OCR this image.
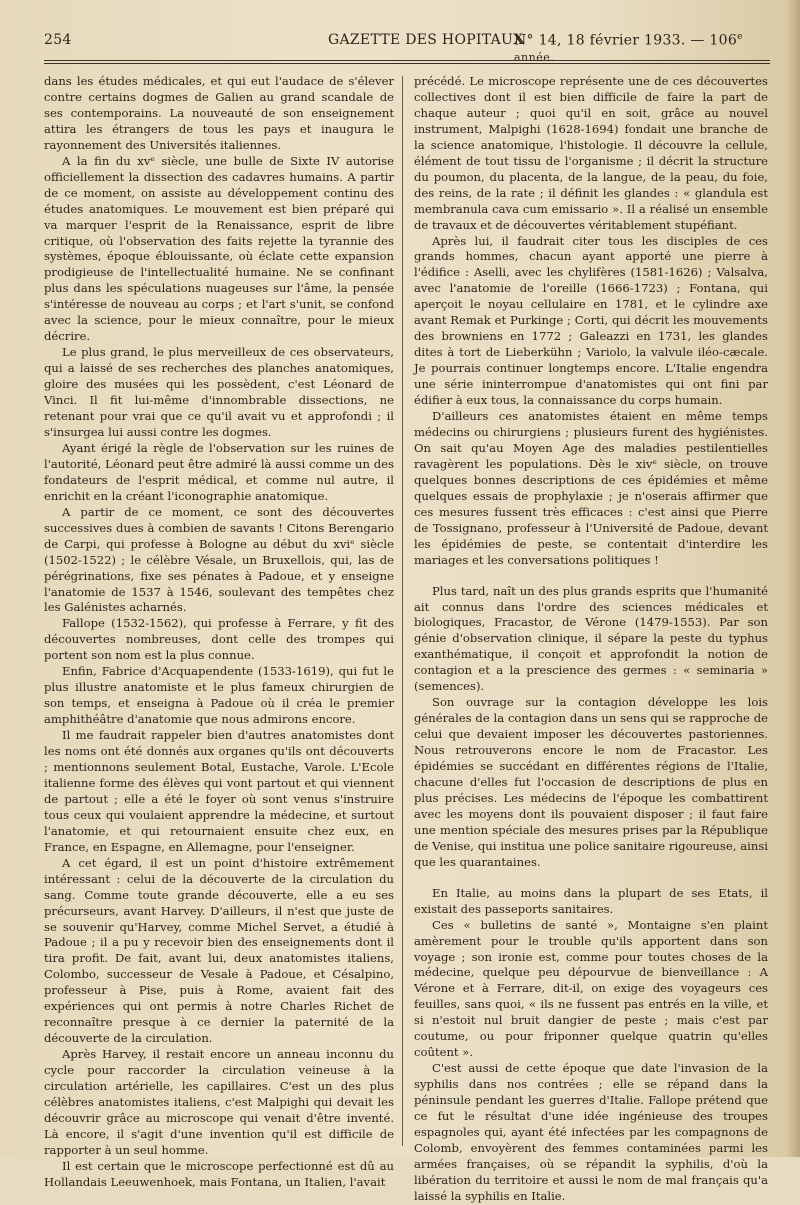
254	GAZETTE DES HOPITAUX
N° 14, 18 février 1933. — 106e année.

dans les études médicales, et qui eut l'audace de s'élever contre certains dogmes de Galien au grand scandale de ses contemporains. La nouveauté de son enseignement attira les étrangers de tous les pays et inaugura le rayonnement des Universités italiennes.

A la fin du xvᵉ siècle, une bulle de Sixte IV autorise officiellement la dissection des cadavres humains. A partir de ce moment, on assiste au développement continu des études anatomiques. Le mouvement est bien préparé qui va marquer l'esprit de la Renaissance, esprit de libre critique, où l'observation des faits rejette la tyrannie des systèmes, époque éblouissante, où éclate cette expansion prodigieuse de l'intellectualité humaine. Ne se confinant plus dans les spéculations nuageuses sur l'âme, la pensée s'intéresse de nouveau au corps ; et l'art s'unit, se confond avec la science, pour le mieux connaître, pour le mieux décrire.

Le plus grand, le plus merveilleux de ces observateurs, qui a laissé de ses recherches des planches anatomiques, gloire des musées qui les possèdent, c'est Léonard de Vinci. Il fit lui-même d'innombrable dissections, ne retenant pour vrai que ce qu'il avait vu et approfondi ; il s'insurgea lui aussi contre les dogmes.

Ayant érigé la règle de l'observation sur les ruines de l'autorité, Léonard peut être admiré là aussi comme un des fondateurs de l'esprit médical, et comme nul autre, il enrichit en la créant l'iconographie anatomique.

A partir de ce moment, ce sont des découvertes successives dues à combien de savants ! Citons Berengario de Carpi, qui professe à Bologne au début du xviᵉ siècle (1502-1522) ; le célèbre Vésale, un Bruxellois, qui, las de pérégrinations, fixe ses pénates à Padoue, et y enseigne l'anatomie de 1537 à 1546, soulevant des tempêtes chez les Galénistes acharnés.

Fallope (1532-1562), qui professe à Ferrare, y fit des découvertes nombreuses, dont celle des trompes qui portent son nom est la plus connue.

Enfin, Fabrice d'Acquapendente (1533-1619), qui fut le plus illustre anatomiste et le plus fameux chirurgien de son temps, et enseigna à Padoue où il créa le premier amphithéâtre d'anatomie que nous admirons encore.

Il me faudrait rappeler bien d'autres anatomistes dont les noms ont été donnés aux organes qu'ils ont découverts ; mentionnons seulement Botal, Eustache, Varole. L'Ecole italienne forme des élèves qui vont partout et qui viennent de partout ; elle a été le foyer où sont venus s'instruire tous ceux qui voulaient apprendre la médecine, et surtout l'anatomie, et qui retournaient ensuite chez eux, en France, en Espagne, en Allemagne, pour l'enseigner.

A cet égard, il est un point d'histoire extrêmement intéressant : celui de la découverte de la circulation du sang. Comme toute grande découverte, elle a eu ses précurseurs, avant Harvey. D'ailleurs, il n'est que juste de se souvenir qu'Harvey, comme Michel Servet, a étudié à Padoue ; il a pu y recevoir bien des enseignements dont il tira profit. De fait, avant lui, deux anatomistes italiens, Colombo, successeur de Vesale à Padoue, et Césalpino, professeur à Pise, puis à Rome, avaient fait des expériences qui ont permis à notre Charles Richet de reconnaître presque à ce dernier la paternité de la découverte de la circulation.

Après Harvey, il restait encore un anneau inconnu du cycle pour raccorder la circulation veineuse à la circulation artérielle, les capillaires. C'est un des plus célèbres anatomistes italiens, c'est Malpighi qui devait les découvrir grâce au microscope qui venait d'être inventé. Là encore, il s'agit d'une invention qu'il est difficile de rapporter à un seul homme.

Il est certain que le microscope perfectionné est dû au Hollandais Leeuwenhoek, mais Fontana, un Italien, l'avait

précédé. Le microscope représente une de ces découvertes collectives dont il est bien difficile de faire la part de chaque auteur ; quoi qu'il en soit, grâce au nouvel instrument, Malpighi (1628-1694) fondait une branche de la science anatomique, l'histologie. Il découvre la cellule, élément de tout tissu de l'organisme ; il décrit la structure du poumon, du placenta, de la langue, de la peau, du foie, des reins, de la rate ; il définit les glandes : « glandula est membranula cava cum emissario ». Il a réalisé un ensemble de travaux et de découvertes véritablement stupéfiant.

Après lui, il faudrait citer tous les disciples de ces grands hommes, chacun ayant apporté une pierre à l'édifice : Aselli, avec les chylifères (1581-1626) ; Valsalva, avec l'anatomie de l'oreille (1666-1723) ; Fontana, qui aperçoit le noyau cellulaire en 1781, et le cylindre axe avant Remak et Purkinge ; Corti, qui décrit les mouvements des browniens en 1772 ; Galeazzi en 1731, les glandes dites à tort de Lieberkühn ; Variolo, la valvule iléo-cæcale. Je pourrais continuer longtemps encore. L'Italie engendra une série ininterrompue d'anatomistes qui ont fini par édifier à eux tous, la connaissance du corps humain.

D'ailleurs ces anatomistes étaient en même temps médecins ou chirurgiens ; plusieurs furent des hygiénistes. On sait qu'au Moyen Age des maladies pestilentielles ravagèrent les populations. Dès le xivᵉ siècle, on trouve quelques bonnes descriptions de ces épidémies et même quelques essais de prophylaxie ; je n'oserais affirmer que ces mesures fussent très efficaces : c'est ainsi que Pierre de Tossignano, professeur à l'Université de Padoue, devant les épidémies de peste, se contentait d'interdire les mariages et les conversations politiques !

Plus tard, naît un des plus grands esprits que l'humanité ait connus dans l'ordre des sciences médicales et biologiques, Fracastor, de Vérone (1479-1553). Par son génie d'observation clinique, il sépare la peste du typhus exanthématique, il conçoit et approfondit la notion de contagion et a la prescience des germes : « seminaria » (semences).

Son ouvrage sur la contagion développe les lois générales de la contagion dans un sens qui se rapproche de celui que devaient imposer les découvertes pastoriennes. Nous retrouverons encore le nom de Fracastor. Les épidémies se succédant en différentes régions de l'Italie, chacune d'elles fut l'occasion de descriptions de plus en plus précises. Les médecins de l'époque les combattirent avec les moyens dont ils pouvaient disposer ; il faut faire une mention spéciale des mesures prises par la République de Venise, qui institua une police sanitaire rigoureuse, ainsi que les quarantaines.

En Italie, au moins dans la plupart de ses Etats, il existait des passeports sanitaires.

Ces « bulletins de santé », Montaigne s'en plaint amèrement pour le trouble qu'ils apportent dans son voyage ; son ironie est, comme pour toutes choses de la médecine, quelque peu dépourvue de bienveillance : A Vérone et à Ferrare, dit-il, on exige des voyageurs ces feuilles, sans quoi, « ils ne fussent pas entrés en la ville, et si n'estoit nul bruit dangier de peste ; mais c'est par coutume, ou pour friponner quelque quatrin qu'elles coûtent ».

C'est aussi de cette époque que date l'invasion de la syphilis dans nos contrées ; elle se répand dans la péninsule pendant les guerres d'Italie. Fallope prétend que ce fut le résultat d'une idée ingénieuse des troupes espagnoles qui, ayant été infectées par les compagnons de Colomb, envoyèrent des femmes contaminées parmi les armées françaises, où se répandit la syphilis, d'où la libération du territoire et aussi le nom de mal français qu'a laissé la syphilis en Italie.
